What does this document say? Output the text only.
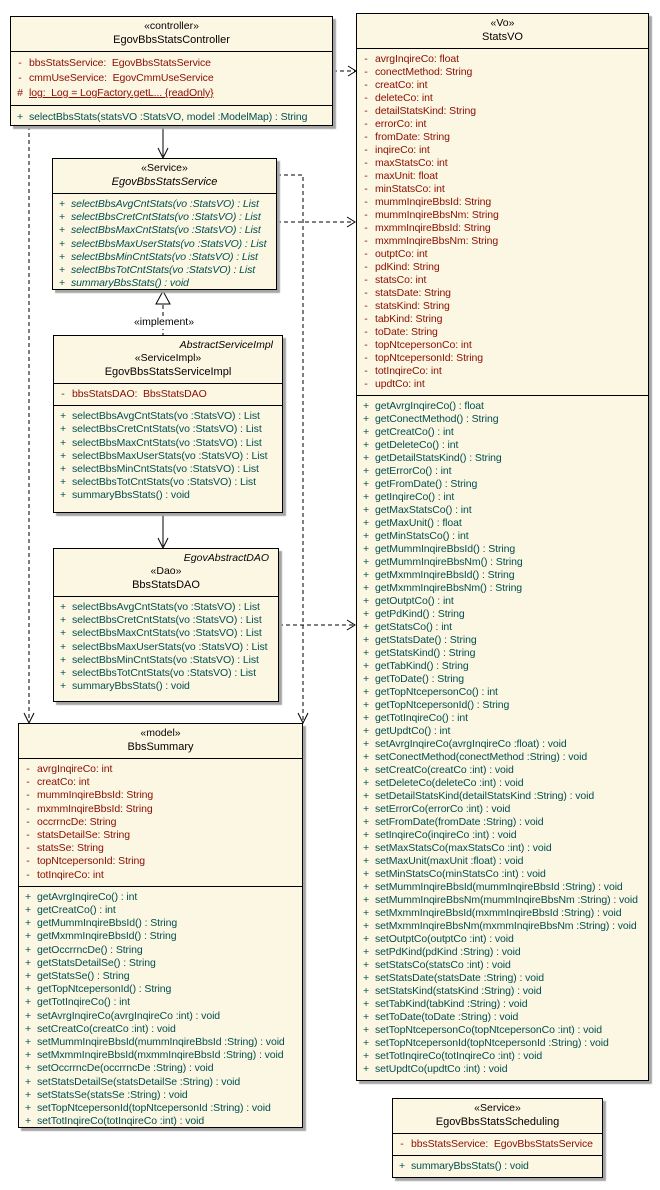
«implement»
«controller»
EgovBbsStatsController
- bbsStatsService:  EgovBbsStatsService
- cmmUseService:  EgovCmmUseService
# log:  Log = LogFactory.getL... {readOnly}
+ selectBbsStats(statsVO :StatsVO, model :ModelMap) : String
«Service»
EgovBbsStatsService
+ selectBbsAvgCntStats(vo :StatsVO) : List
+ selectBbsCretCntStats(vo :StatsVO) : List
+ selectBbsMaxCntStats(vo :StatsVO) : List
+ selectBbsMaxUserStats(vo :StatsVO) : List
+ selectBbsMinCntStats(vo :StatsVO) : List
+ selectBbsTotCntStats(vo :StatsVO) : List
+ summaryBbsStats() : void
AbstractServiceImpl
«ServiceImpl»
EgovBbsStatsServiceImpl
- bbsStatsDAO:  BbsStatsDAO
+ selectBbsAvgCntStats(vo :StatsVO) : List
+ selectBbsCretCntStats(vo :StatsVO) : List
+ selectBbsMaxCntStats(vo :StatsVO) : List
+ selectBbsMaxUserStats(vo :StatsVO) : List
+ selectBbsMinCntStats(vo :StatsVO) : List
+ selectBbsTotCntStats(vo :StatsVO) : List
+ summaryBbsStats() : void
EgovAbstractDAO
«Dao»
BbsStatsDAO
+ selectBbsAvgCntStats(vo :StatsVO) : List
+ selectBbsCretCntStats(vo :StatsVO) : List
+ selectBbsMaxCntStats(vo :StatsVO) : List
+ selectBbsMaxUserStats(vo :StatsVO) : List
+ selectBbsMinCntStats(vo :StatsVO) : List
+ selectBbsTotCntStats(vo :StatsVO) : List
+ summaryBbsStats() : void
«model»
BbsSummary
- avrgInqireCo: int
- creatCo: int
- mummInqireBbsId: String
- mxmmInqireBbsId: String
- occrrncDe: String
- statsDetailSe: String
- statsSe: String
- topNtcepersonId: String
- totInqireCo: int
+ getAvrgInqireCo() : int
+ getCreatCo() : int
+ getMummInqireBbsId() : String
+ getMxmmInqireBbsId() : String
+ getOccrrncDe() : String
+ getStatsDetailSe() : String
+ getStatsSe() : String
+ getTopNtcepersonId() : String
+ getTotInqireCo() : int
+ setAvrgInqireCo(avrgInqireCo :int) : void
+ setCreatCo(creatCo :int) : void
+ setMummInqireBbsId(mummInqireBbsId :String) : void
+ setMxmmInqireBbsId(mxmmInqireBbsId :String) : void
+ setOccrrncDe(occrrncDe :String) : void
+ setStatsDetailSe(statsDetailSe :String) : void
+ setStatsSe(statsSe :String) : void
+ setTopNtcepersonId(topNtcepersonId :String) : void
+ setTotInqireCo(totInqireCo :int) : void
«Vo»
StatsVO
- avrgInqireCo: float
- conectMethod: String
- creatCo: int
- deleteCo: int
- detailStatsKind: String
- errorCo: int
- fromDate: String
- inqireCo: int
- maxStatsCo: int
- maxUnit: float
- minStatsCo: int
- mummInqireBbsId: String
- mummInqireBbsNm: String
- mxmmInqireBbsId: String
- mxmmInqireBbsNm: String
- outptCo: int
- pdKind: String
- statsCo: int
- statsDate: String
- statsKind: String
- tabKind: String
- toDate: String
- topNtcepersonCo: int
- topNtcepersonId: String
- totInqireCo: int
- updtCo: int
+ getAvrgInqireCo() : float
+ getConectMethod() : String
+ getCreatCo() : int
+ getDeleteCo() : int
+ getDetailStatsKind() : String
+ getErrorCo() : int
+ getFromDate() : String
+ getInqireCo() : int
+ getMaxStatsCo() : int
+ getMaxUnit() : float
+ getMinStatsCo() : int
+ getMummInqireBbsId() : String
+ getMummInqireBbsNm() : String
+ getMxmmInqireBbsId() : String
+ getMxmmInqireBbsNm() : String
+ getOutptCo() : int
+ getPdKind() : String
+ getStatsCo() : int
+ getStatsDate() : String
+ getStatsKind() : String
+ getTabKind() : String
+ getToDate() : String
+ getTopNtcepersonCo() : int
+ getTopNtcepersonId() : String
+ getTotInqireCo() : int
+ getUpdtCo() : int
+ setAvrgInqireCo(avrgInqireCo :float) : void
+ setConectMethod(conectMethod :String) : void
+ setCreatCo(creatCo :int) : void
+ setDeleteCo(deleteCo :int) : void
+ setDetailStatsKind(detailStatsKind :String) : void
+ setErrorCo(errorCo :int) : void
+ setFromDate(fromDate :String) : void
+ setInqireCo(inqireCo :int) : void
+ setMaxStatsCo(maxStatsCo :int) : void
+ setMaxUnit(maxUnit :float) : void
+ setMinStatsCo(minStatsCo :int) : void
+ setMummInqireBbsId(mummInqireBbsId :String) : void
+ setMummInqireBbsNm(mummInqireBbsNm :String) : void
+ setMxmmInqireBbsId(mxmmInqireBbsId :String) : void
+ setMxmmInqireBbsNm(mxmmInqireBbsNm :String) : void
+ setOutptCo(outptCo :int) : void
+ setPdKind(pdKind :String) : void
+ setStatsCo(statsCo :int) : void
+ setStatsDate(statsDate :String) : void
+ setStatsKind(statsKind :String) : void
+ setTabKind(tabKind :String) : void
+ setToDate(toDate :String) : void
+ setTopNtcepersonCo(topNtcepersonCo :int) : void
+ setTopNtcepersonId(topNtcepersonId :String) : void
+ setTotInqireCo(totInqireCo :int) : void
+ setUpdtCo(updtCo :int) : void
«Service»
EgovBbsStatsScheduling
- bbsStatsService:  EgovBbsStatsService
+ summaryBbsStats() : void
